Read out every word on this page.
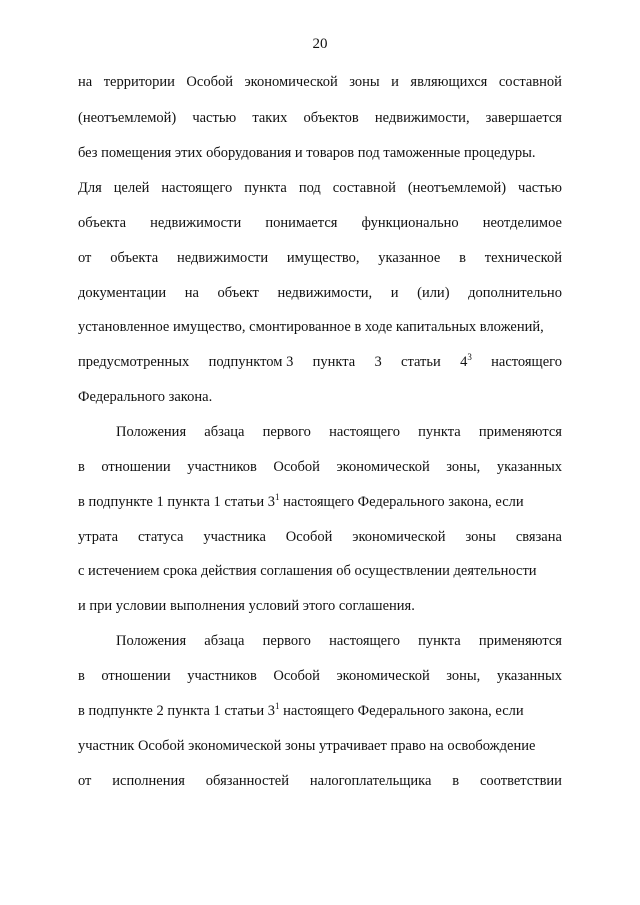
20
на территории Особой экономической зоны и являющихся составной
(неотъемлемой) частью таких объектов недвижимости, завершается
без помещения этих оборудования и товаров под таможенные процедуры.
Для целей настоящего пункта под составной (неотъемлемой) частью
объекта недвижимости понимается функционально неотделимое
от объекта недвижимости имущество, указанное в технической
документации на объект недвижимости, и (или) дополнительно
установленное имущество, смонтированное в ходе капитальных вложений,
предусмотренных подпунктом 3 пункта 3 статьи $4^3$ настоящего
Федерального закона.
Положения абзаца первого настоящего пункта применяются
в отношении участников Особой экономической зоны, указанных
в подпункте 1 пункта 1 статьи $3^1$ настоящего Федерального закона, если
утрата статуса участника Особой экономической зоны связана
с истечением срока действия соглашения об осуществлении деятельности
и при условии выполнения условий этого соглашения.
Положения абзаца первого настоящего пункта применяются
в отношении участников Особой экономической зоны, указанных
в подпункте 2 пункта 1 статьи $3^1$ настоящего Федерального закона, если
участник Особой экономической зоны утрачивает право на освобождение
от исполнения обязанностей налогоплательщика в соответствии
